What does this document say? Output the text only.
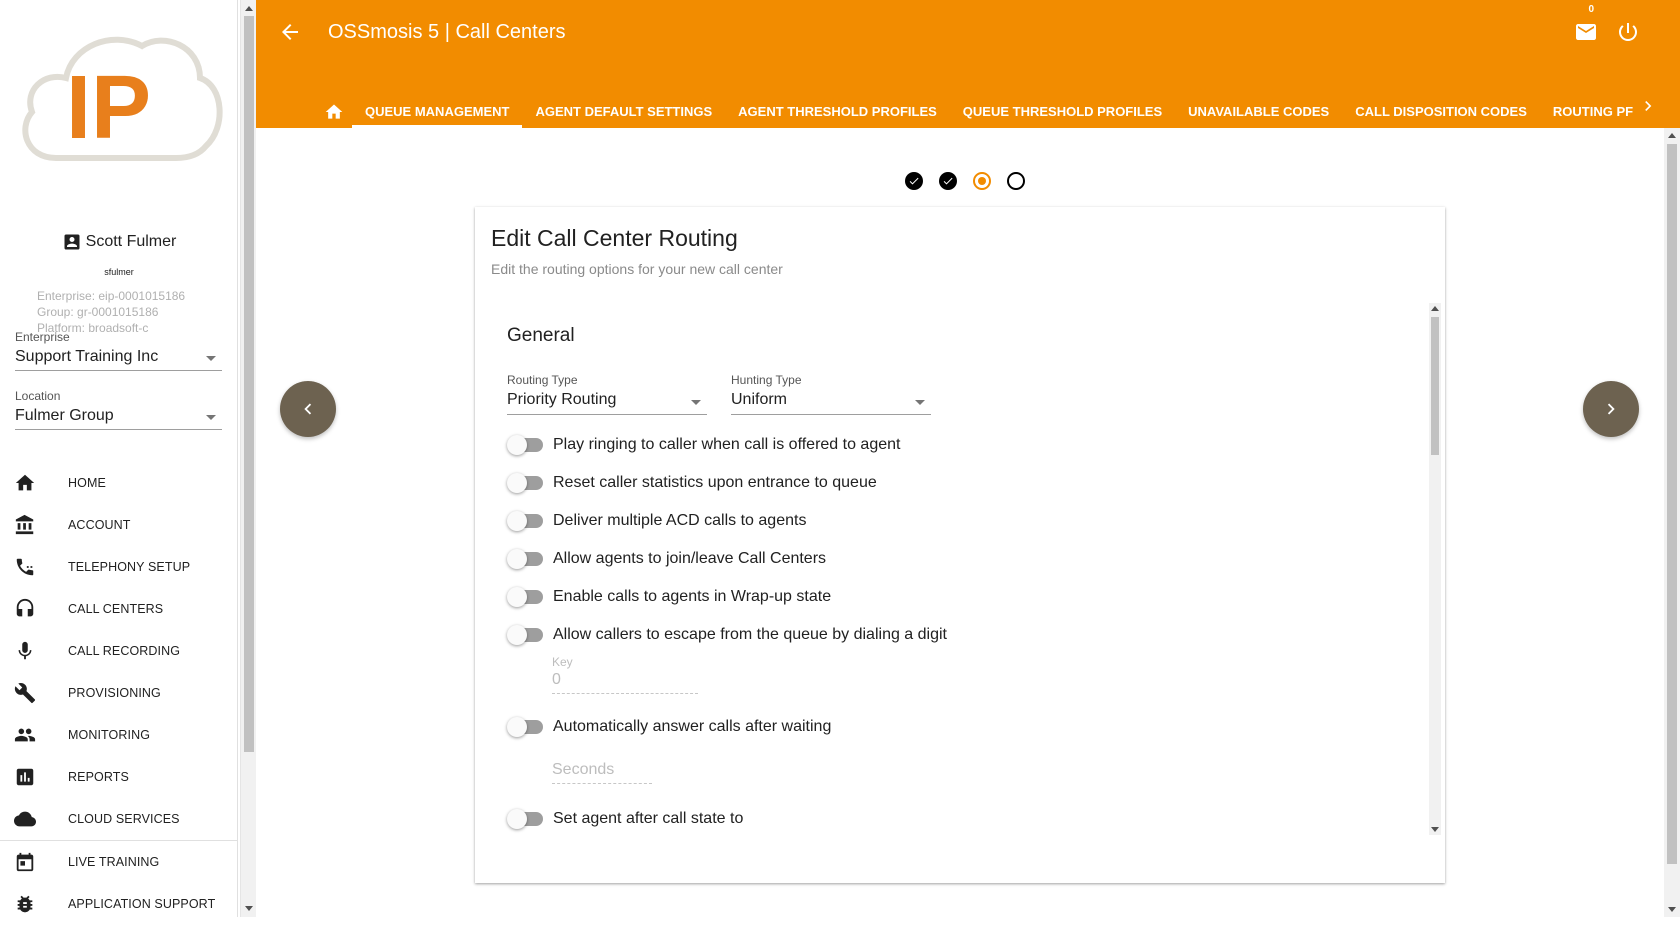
IP
Scott Fulmer
sfulmer
Enterprise: eip-0001015186
Group: gr-0001015186
Platform: broadsoft-c
Enterprise
Support Training Inc
Location
Fulmer Group
HOME
ACCOUNT
TELEPHONY SETUP
CALL CENTERS
CALL RECORDING
PROVISIONING
MONITORING
REPORTS
CLOUD SERVICES
LIVE TRAINING
APPLICATION SUPPORT
OSSmosis 5 | Call Centers
0
QUEUE MANAGEMENT	AGENT DEFAULT SETTINGS	AGENT THRESHOLD PROFILES	QUEUE THRESHOLD PROFILES	UNAVAILABLE CODES	CALL DISPOSITION CODES	ROUTING PF
Edit Call Center Routing
Edit the routing options for your new call center
General
Routing Type
Priority Routing
Hunting Type
Uniform
Play ringing to caller when call is offered to agent
Reset caller statistics upon entrance to queue
Deliver multiple ACD calls to agents
Allow agents to join/leave Call Centers
Enable calls to agents in Wrap-up state
Allow callers to escape from the queue by dialing a digit
Key
0
Automatically answer calls after waiting
Seconds
Set agent after call state to
